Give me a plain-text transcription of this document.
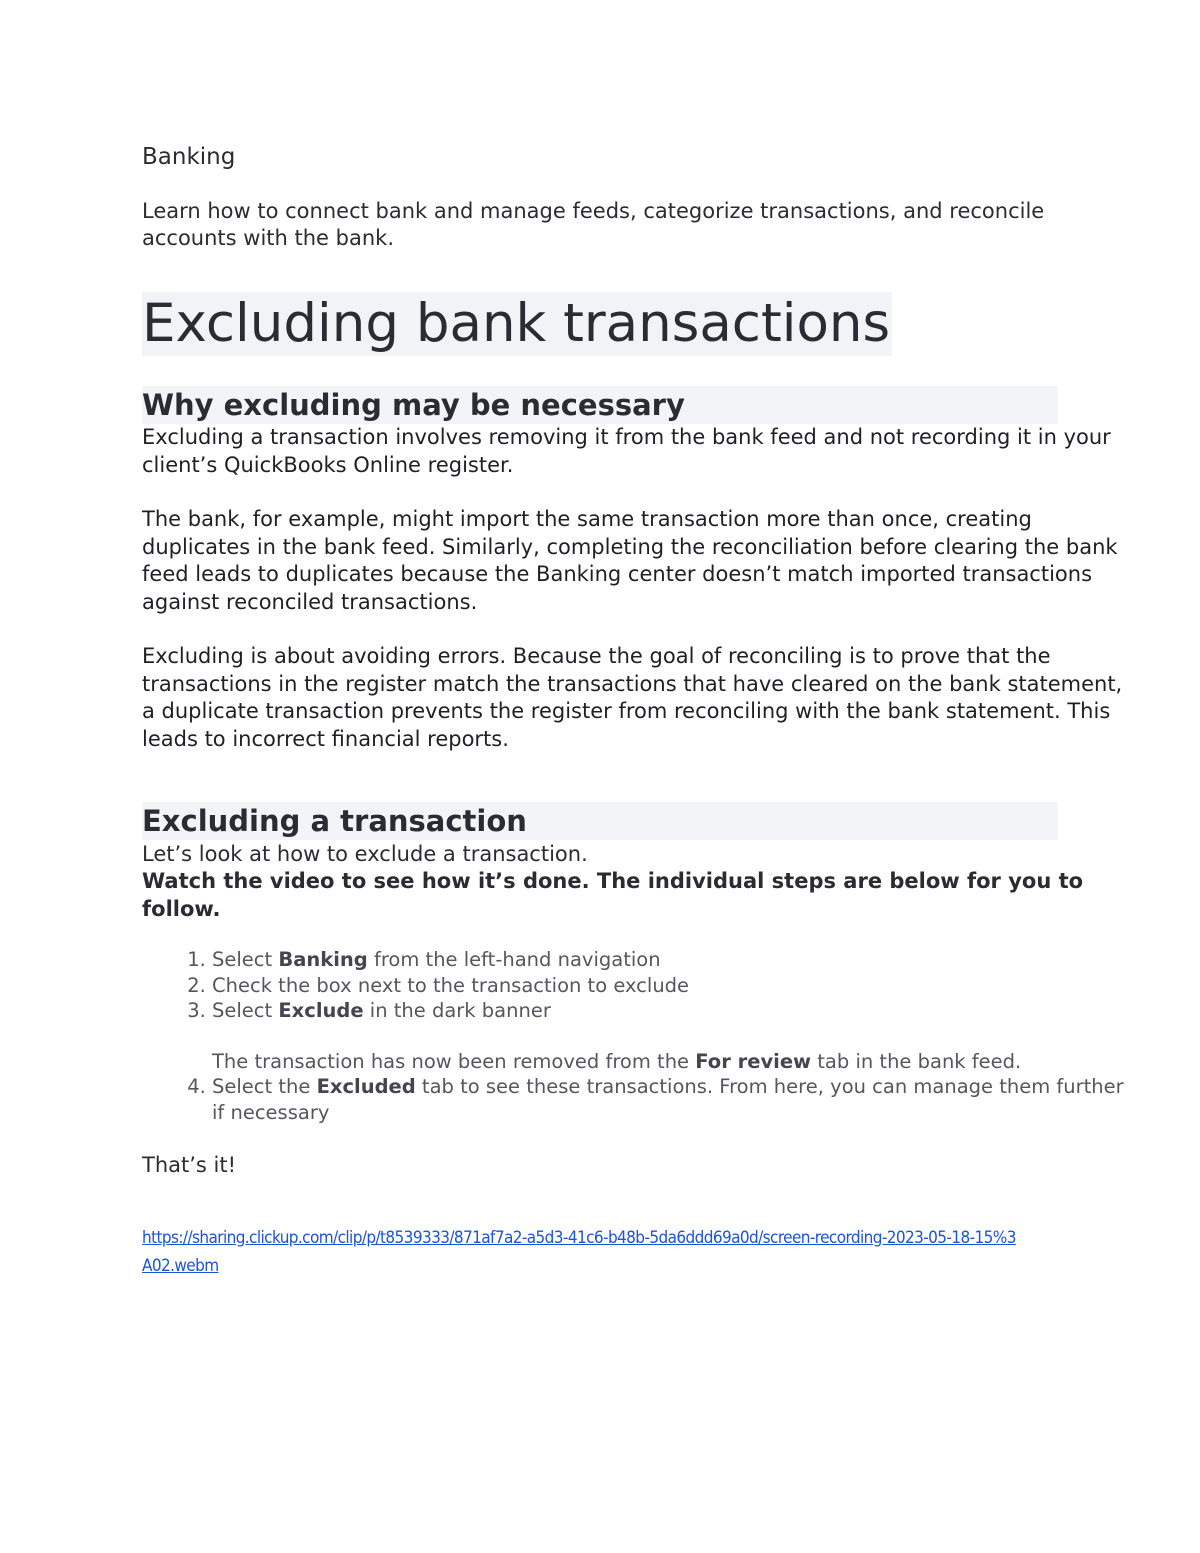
Banking

Learn how to connect bank and manage feeds, categorize transactions, and reconcile accounts with the bank.

Excluding bank transactions
Why excluding may be necessary

Excluding a transaction involves removing it from the bank feed and not recording it in your client’s QuickBooks Online register.

The bank, for example, might import the same transaction more than once, creating duplicates in the bank feed. Similarly, completing the reconciliation before clearing the bank feed leads to duplicates because the Banking center doesn’t match imported transactions against reconciled transactions.

Excluding is about avoiding errors. Because the goal of reconciling is to prove that the transactions in the register match the transactions that have cleared on the bank statement, a duplicate transaction prevents the register from reconciling with the bank statement. This leads to incorrect financial reports.

Excluding a transaction

Let’s look at how to exclude a transaction.

Watch the video to see how it’s done. The individual steps are below for you to follow.

1. Select Banking from the left-hand navigation
2. Check the box next to the transaction to exclude
3. Select Exclude in the dark banner
The transaction has now been removed from the For review tab in the bank feed.
4. Select the Excluded tab to see these transactions. From here, you can manage them further if necessary

That’s it!

https://sharing.clickup.com/clip/p/t8539333/871af7a2-a5d3-41c6-b48b-5da6ddd69a0d/screen-recording-2023-05-18-15%3A02.webm
